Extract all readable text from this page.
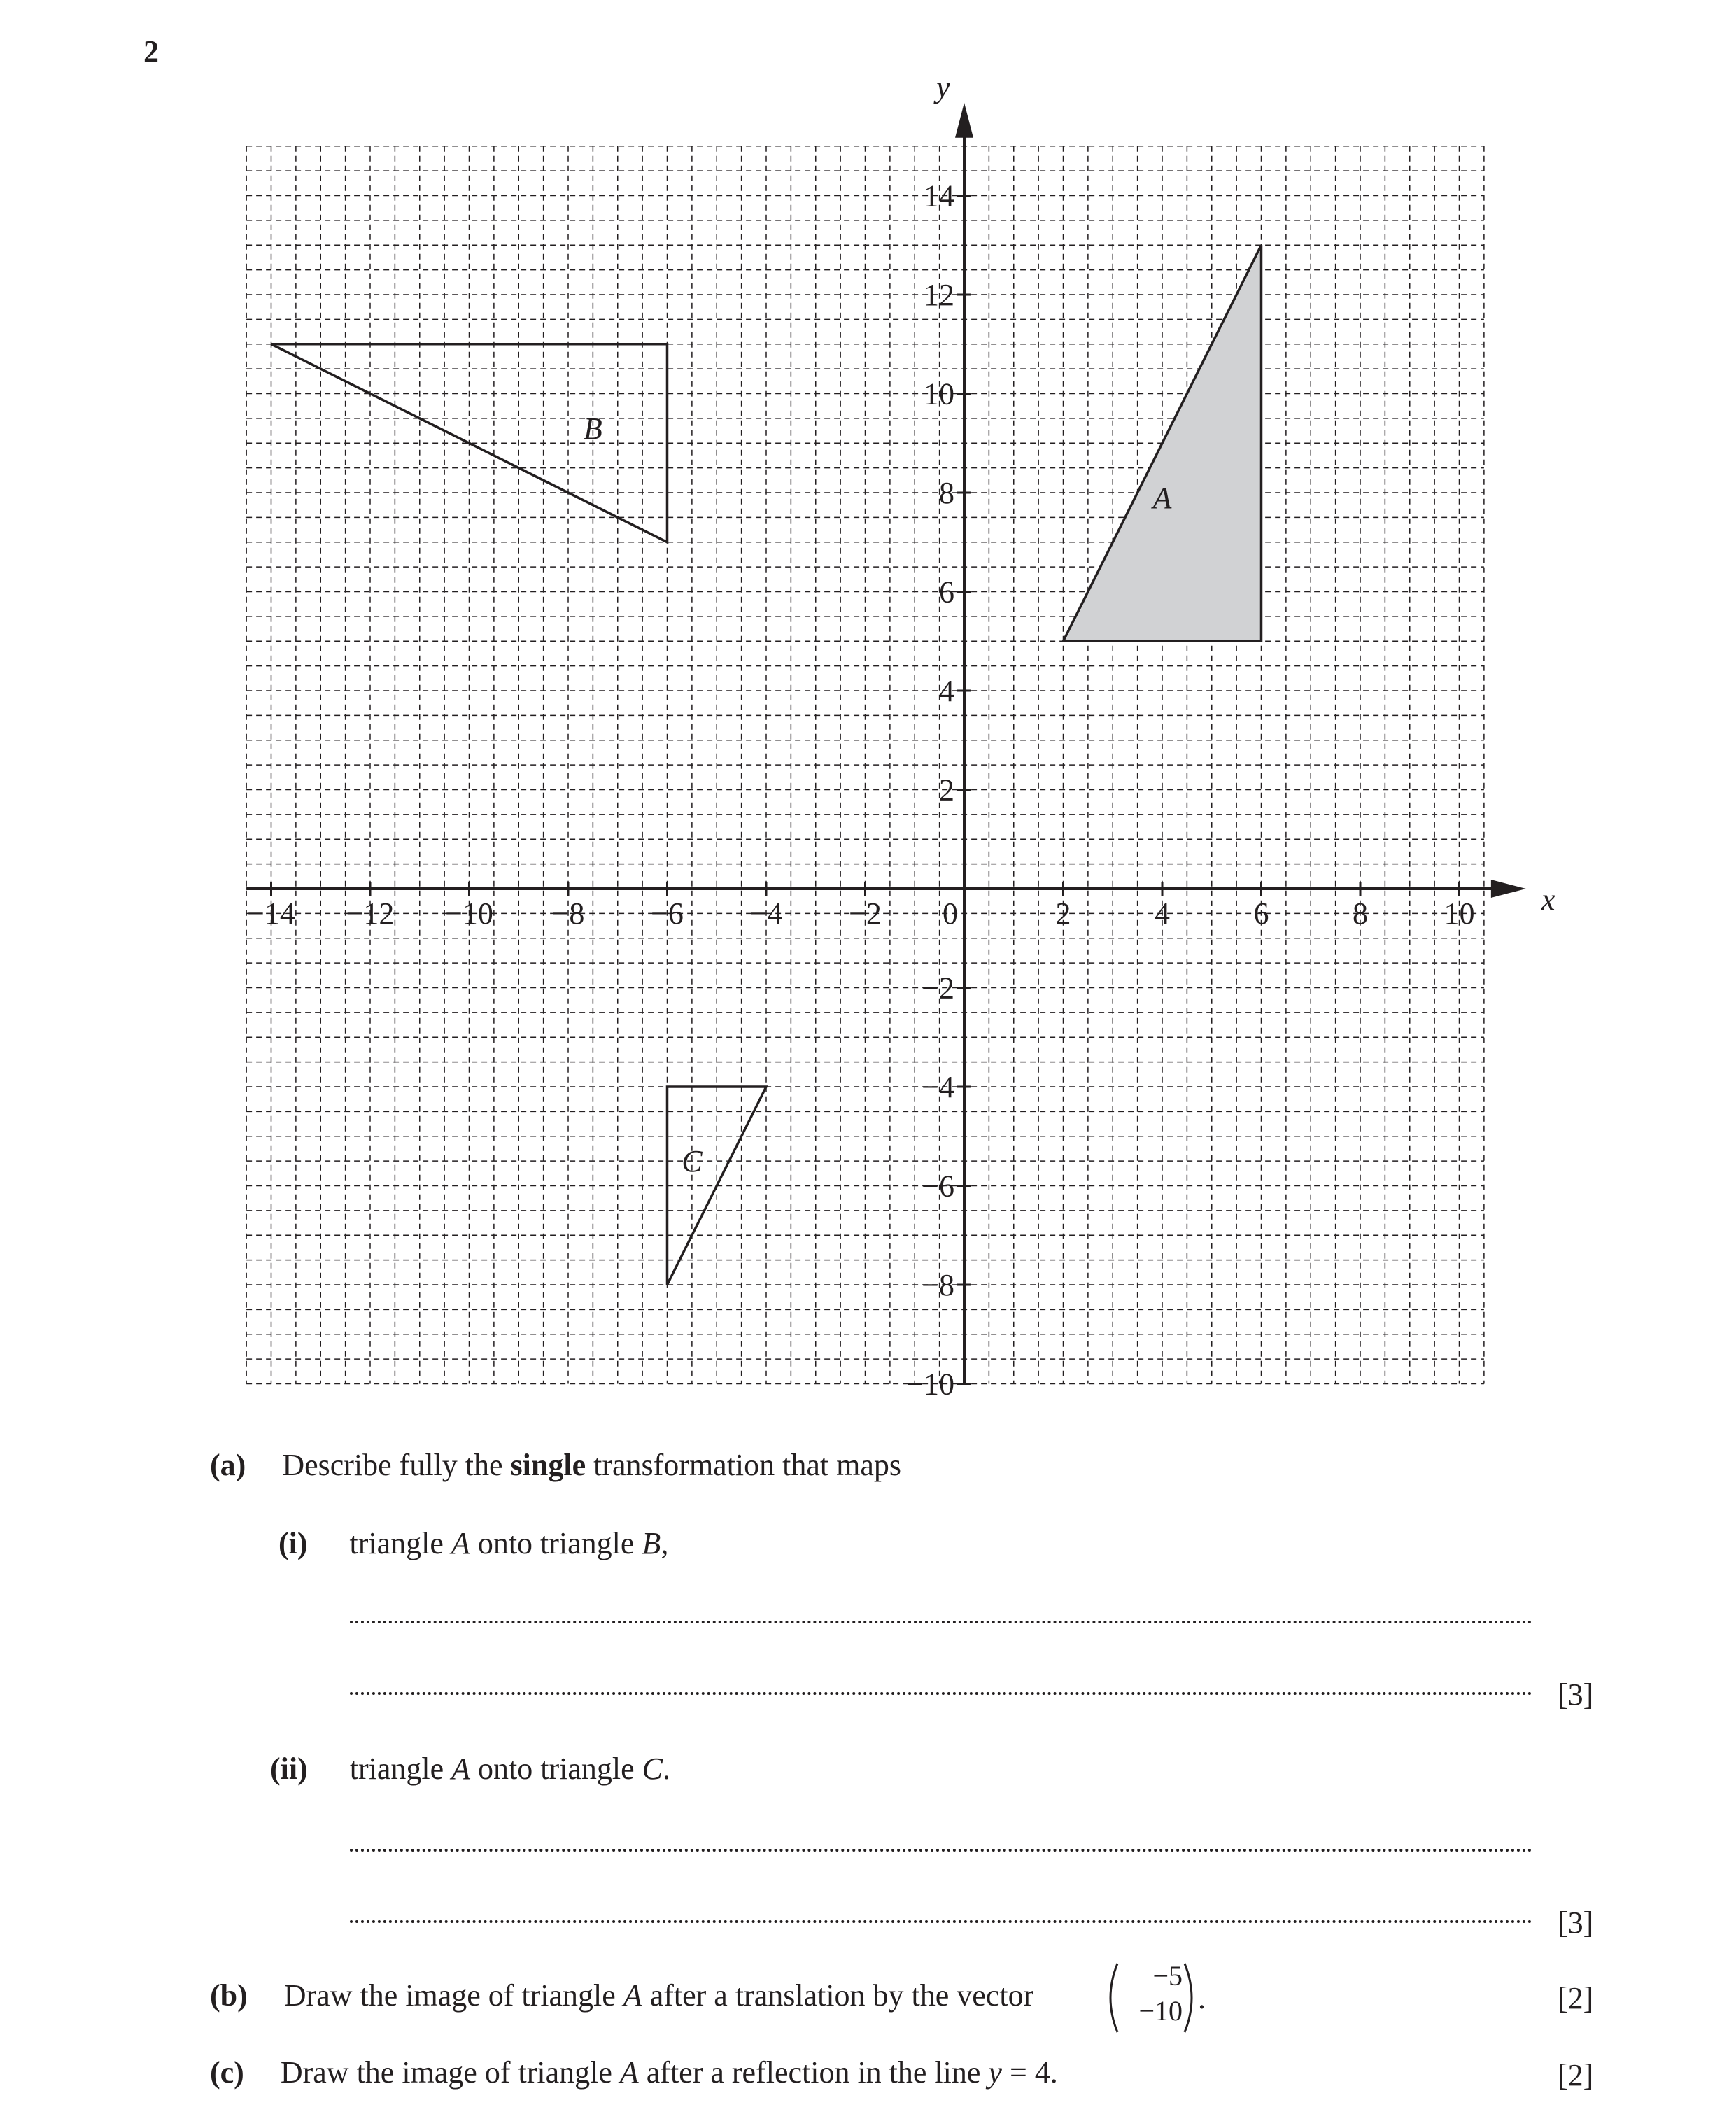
2
A
B
C
x
y
−14 −12 −10 −8 −6 −4 −2 0	2	4	6	8 10
14
12
10
8
6
4
2
−2
−4
−6
−8
−10
(a) Describe fully the single transformation that maps
(i) triangle A onto triangle B,
[3]
(ii) triangle A onto triangle C.
[3]
(b) Draw the image of triangle A after a translation by the vector
−5
−10 .	[2]
(c) Draw the image of triangle A after a reflection in the line y = 4.	[2]
